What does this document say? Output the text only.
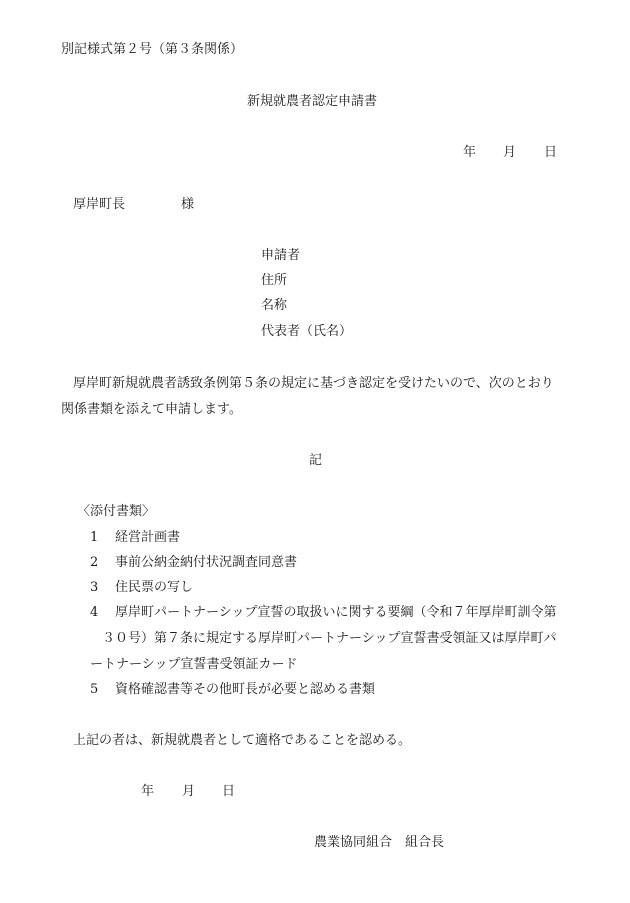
別記様式第２号（第３条関係）
新規就農者認定申請書
年 月 日
厚岸町長	様
申請者
住所
名称
代表者（氏名）
厚岸町新規就農者誘致条例第５条の規定に基づき認定を受けたいので、次のとおり
関係書類を添えて申請します。
記
〈添付書類〉
1 経営計画書
2 事前公納金納付状況調査同意書
3 住民票の写し
4 厚岸町パートナーシップ宣誓の取扱いに関する要綱（令和７年厚岸町訓令第
３０号）第７条に規定する厚岸町パートナーシップ宣誓書受領証又は厚岸町パ
ートナーシップ宣誓書受領証カード
5 資格確認書等その他町長が必要と認める書類
上記の者は、新規就農者として適格であることを認める。
年 月 日
農業協同組合　組合長
